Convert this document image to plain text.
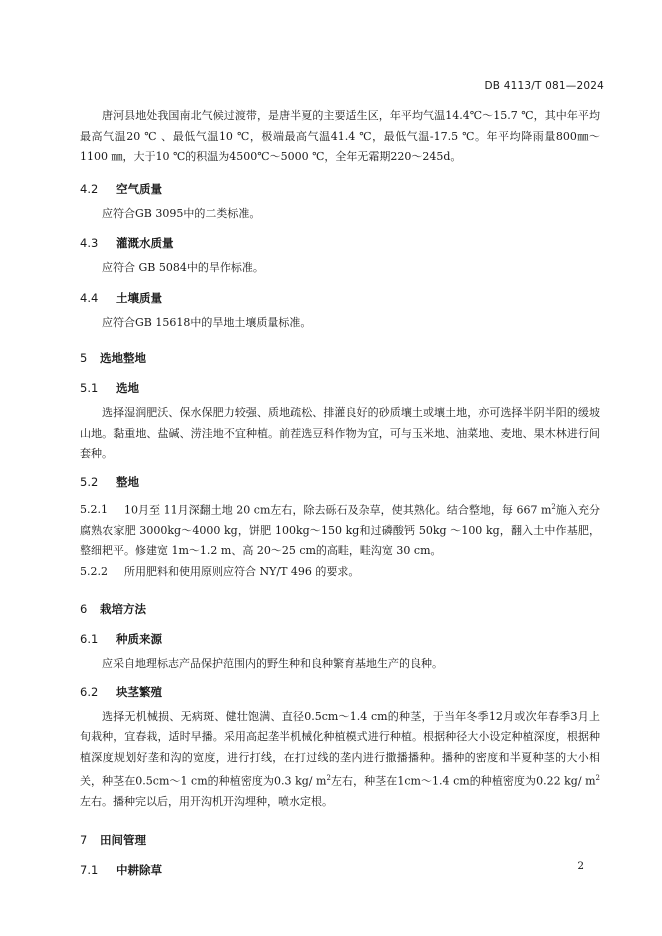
DB 4113/T 081—2024

唐河县地处我国南北气候过渡带，是唐半夏的主要适生区，年平均气温14.4℃～15.7 ℃，其中年平均最高气温20 ℃ 、最低气温10 ℃，极端最高气温41.4 ℃，最低气温-17.5 ℃。年平均降雨量800㎜～1100 ㎜，大于10 ℃的积温为4500℃～5000 ℃，全年无霜期220～245d。

4.2	空气质量

应符合GB 3095中的二类标准。

4.3	灌溉水质量

应符合 GB 5084中的旱作标准。

4.4	土壤质量

应符合GB 15618中的旱地土壤质量标准。

5	选地整地
5.1	选地

选择湿润肥沃、保水保肥力较强、质地疏松、排灌良好的砂质壤土或壤土地，亦可选择半阴半阳的缓坡山地。黏重地、盐碱、涝洼地不宜种植。前茬选豆科作物为宜，可与玉米地、油菜地、麦地、果木林进行间套种。

5.2	整地

5.2.1 10月至 11月深翻土地 20 cm左右，除去砾石及杂草，使其熟化。结合整地，每 667 $m^2$施入充分腐熟农家肥 3000kg～4000 kg，饼肥 100kg～150 kg和过磷酸钙 50kg ～100 kg，翻入土中作基肥，整细耙平。修建宽 1m～1.2 m、高 20～25 cm的高畦，畦沟宽 30 cm。

5.2.2 所用肥料和使用原则应符合 NY/T 496 的要求。

6	栽培方法
6.1	种质来源

应采自地理标志产品保护范围内的野生种和良种繁育基地生产的良种。

6.2	块茎繁殖

选择无机械损、无病斑、健壮饱满、直径0.5cm～1.4 cm的种茎，于当年冬季12月或次年春季3月上旬栽种，宜春栽，适时早播。采用高起垄半机械化种植模式进行种植。根据种径大小设定种植深度，根据种植深度规划好垄和沟的宽度，进行打线，在打过线的垄内进行撒播播种。播种的密度和半夏种茎的大小相关，种茎在0.5cm～1 cm的种植密度为0.3 kg/ $m^2$左右，种茎在1cm～1.4 cm的种植密度为0.22 kg/ $m^2$左右。播种完以后，用开沟机开沟埋种，喷水定根。

7	田间管理
7.1	中耕除草	2
